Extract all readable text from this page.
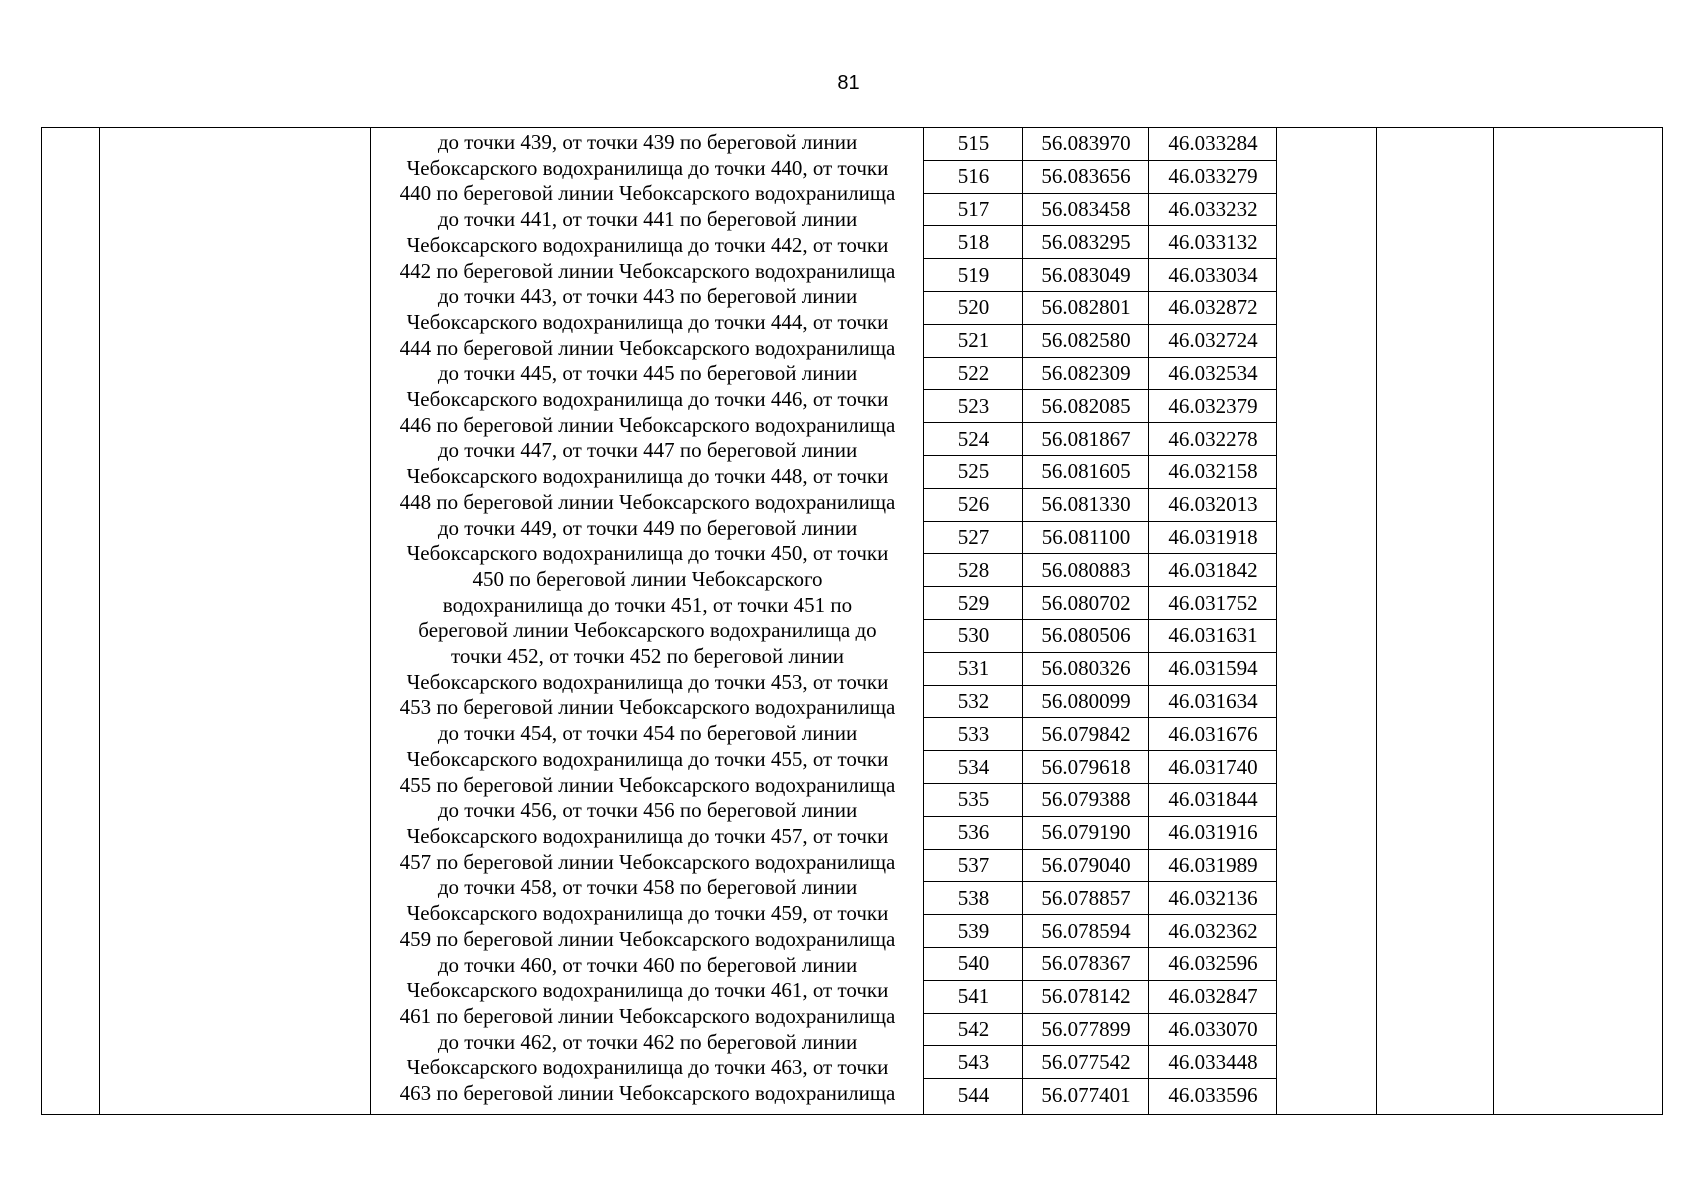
81
до точки 439, от точки 439 по береговой линии
Чебоксарского водохранилища до точки 440, от точки
440 по береговой линии Чебоксарского водохранилища
до точки 441, от точки 441 по береговой линии
Чебоксарского водохранилища до точки 442, от точки
442 по береговой линии Чебоксарского водохранилища
до точки 443, от точки 443 по береговой линии
Чебоксарского водохранилища до точки 444, от точки
444 по береговой линии Чебоксарского водохранилища
до точки 445, от точки 445 по береговой линии
Чебоксарского водохранилища до точки 446, от точки
446 по береговой линии Чебоксарского водохранилища
до точки 447, от точки 447 по береговой линии
Чебоксарского водохранилища до точки 448, от точки
448 по береговой линии Чебоксарского водохранилища
до точки 449, от точки 449 по береговой линии
Чебоксарского водохранилища до точки 450, от точки
450 по береговой линии Чебоксарского
водохранилища до точки 451, от точки 451 по
береговой линии Чебоксарского водохранилища до
точки 452, от точки 452 по береговой линии
Чебоксарского водохранилища до точки 453, от точки
453 по береговой линии Чебоксарского водохранилища
до точки 454, от точки 454 по береговой линии
Чебоксарского водохранилища до точки 455, от точки
455 по береговой линии Чебоксарского водохранилища
до точки 456, от точки 456 по береговой линии
Чебоксарского водохранилища до точки 457, от точки
457 по береговой линии Чебоксарского водохранилища
до точки 458, от точки 458 по береговой линии
Чебоксарского водохранилища до точки 459, от точки
459 по береговой линии Чебоксарского водохранилища
до точки 460, от точки 460 по береговой линии
Чебоксарского водохранилища до точки 461, от точки
461 по береговой линии Чебоксарского водохранилища
до точки 462, от точки 462 по береговой линии
Чебоксарского водохранилища до точки 463, от точки
463 по береговой линии Чебоксарского водохранилища
515	56.083970	46.033284
516	56.083656	46.033279
517	56.083458	46.033232
518	56.083295	46.033132
519	56.083049	46.033034
520	56.082801	46.032872
521	56.082580	46.032724
522	56.082309	46.032534
523	56.082085	46.032379
524	56.081867	46.032278
525	56.081605	46.032158
526	56.081330	46.032013
527	56.081100	46.031918
528	56.080883	46.031842
529	56.080702	46.031752
530	56.080506	46.031631
531	56.080326	46.031594
532	56.080099	46.031634
533	56.079842	46.031676
534	56.079618	46.031740
535	56.079388	46.031844
536	56.079190	46.031916
537	56.079040	46.031989
538	56.078857	46.032136
539	56.078594	46.032362
540	56.078367	46.032596
541	56.078142	46.032847
542	56.077899	46.033070
543	56.077542	46.033448
544	56.077401	46.033596
